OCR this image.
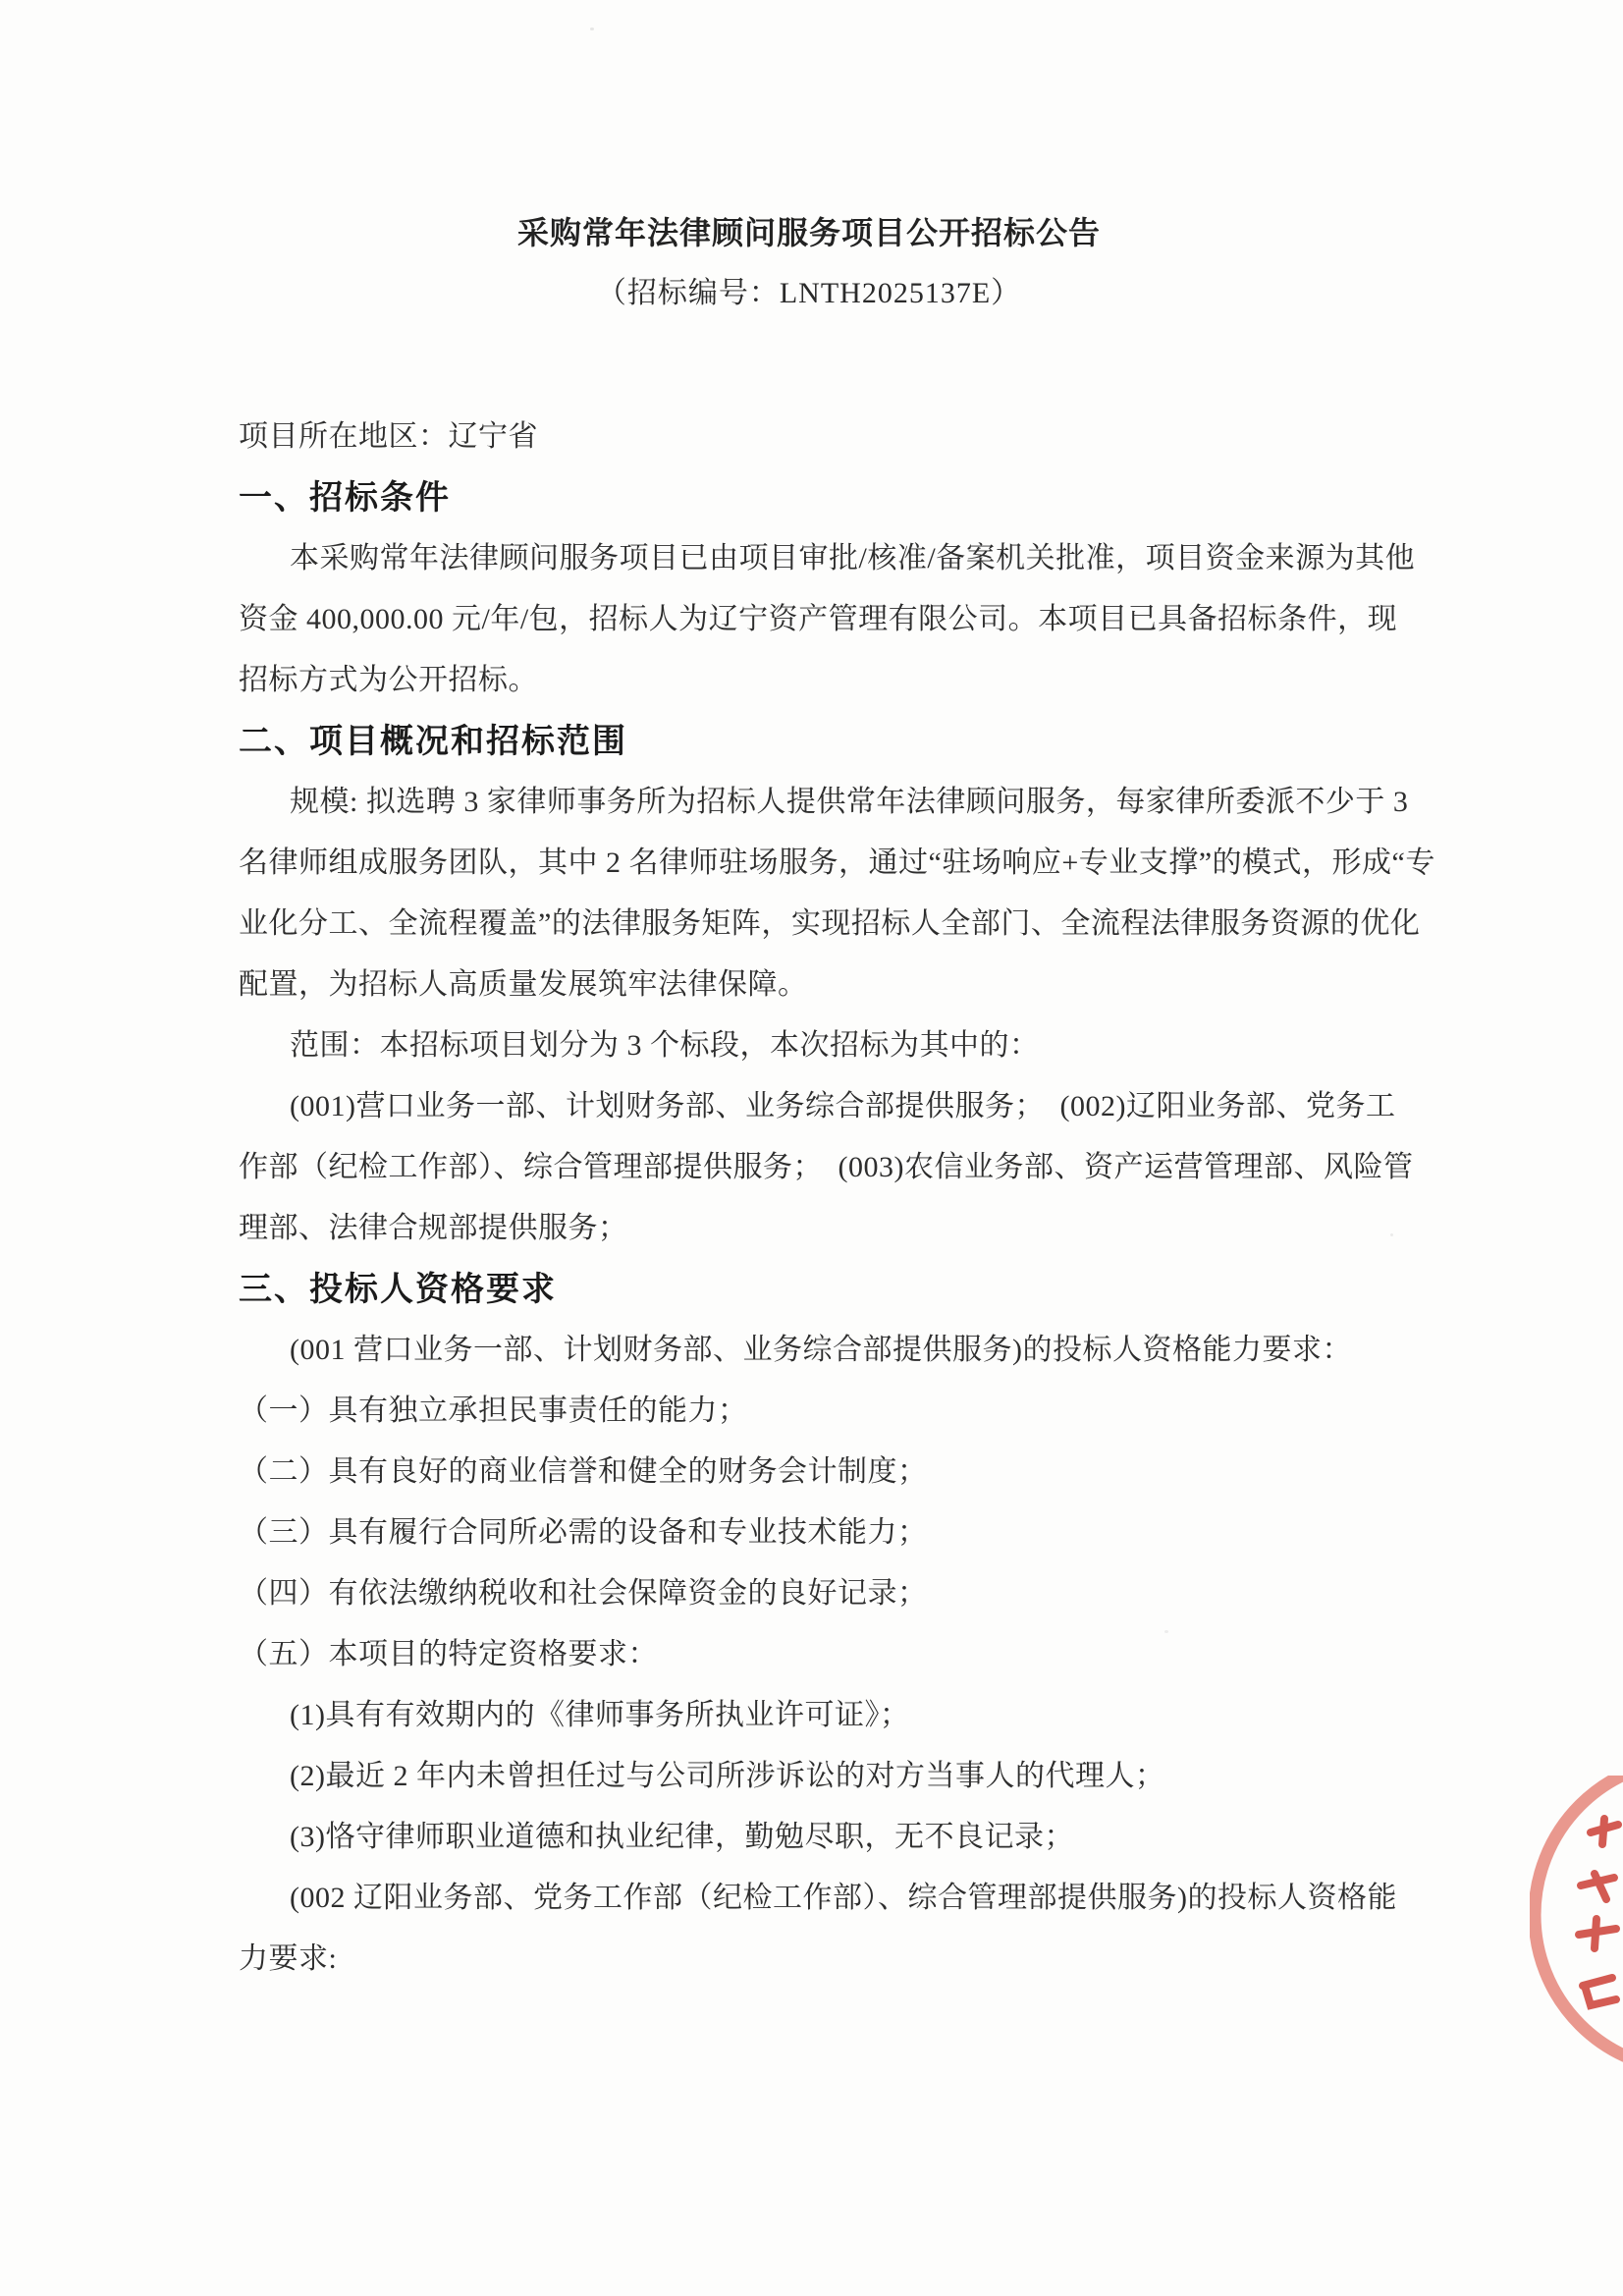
采购常年法律顾问服务项目公开招标公告
（招标编号：LNTH2025137E）
项目所在地区：辽宁省
一、招标条件
本采购常年法律顾问服务项目已由项目审批/核准/备案机关批准，项目资金来源为其他
资金 400,000.00 元/年/包，招标人为辽宁资产管理有限公司。本项目已具备招标条件，现
招标方式为公开招标。
二、项目概况和招标范围
规模: 拟选聘 3 家律师事务所为招标人提供常年法律顾问服务，每家律所委派不少于 3
名律师组成服务团队，其中 2 名律师驻场服务，通过“驻场响应+专业支撑”的模式，形成“专
业化分工、全流程覆盖”的法律服务矩阵，实现招标人全部门、全流程法律服务资源的优化
配置，为招标人高质量发展筑牢法律保障。
范围：本招标项目划分为 3 个标段，本次招标为其中的：
(001)营口业务一部、计划财务部、业务综合部提供服务；　(002)辽阳业务部、党务工
作部（纪检工作部）、综合管理部提供服务；　(003)农信业务部、资产运营管理部、风险管
理部、法律合规部提供服务；
三、投标人资格要求
(001 营口业务一部、计划财务部、业务综合部提供服务)的投标人资格能力要求：
（一）具有独立承担民事责任的能力；
（二）具有良好的商业信誉和健全的财务会计制度；
（三）具有履行合同所必需的设备和专业技术能力；
（四）有依法缴纳税收和社会保障资金的良好记录；
（五）本项目的特定资格要求：
(1)具有有效期内的《律师事务所执业许可证》；
(2)最近 2 年内未曾担任过与公司所涉诉讼的对方当事人的代理人；
(3)恪守律师职业道德和执业纪律，勤勉尽职，无不良记录；
(002 辽阳业务部、党务工作部（纪检工作部）、综合管理部提供服务)的投标人资格能
力要求:
